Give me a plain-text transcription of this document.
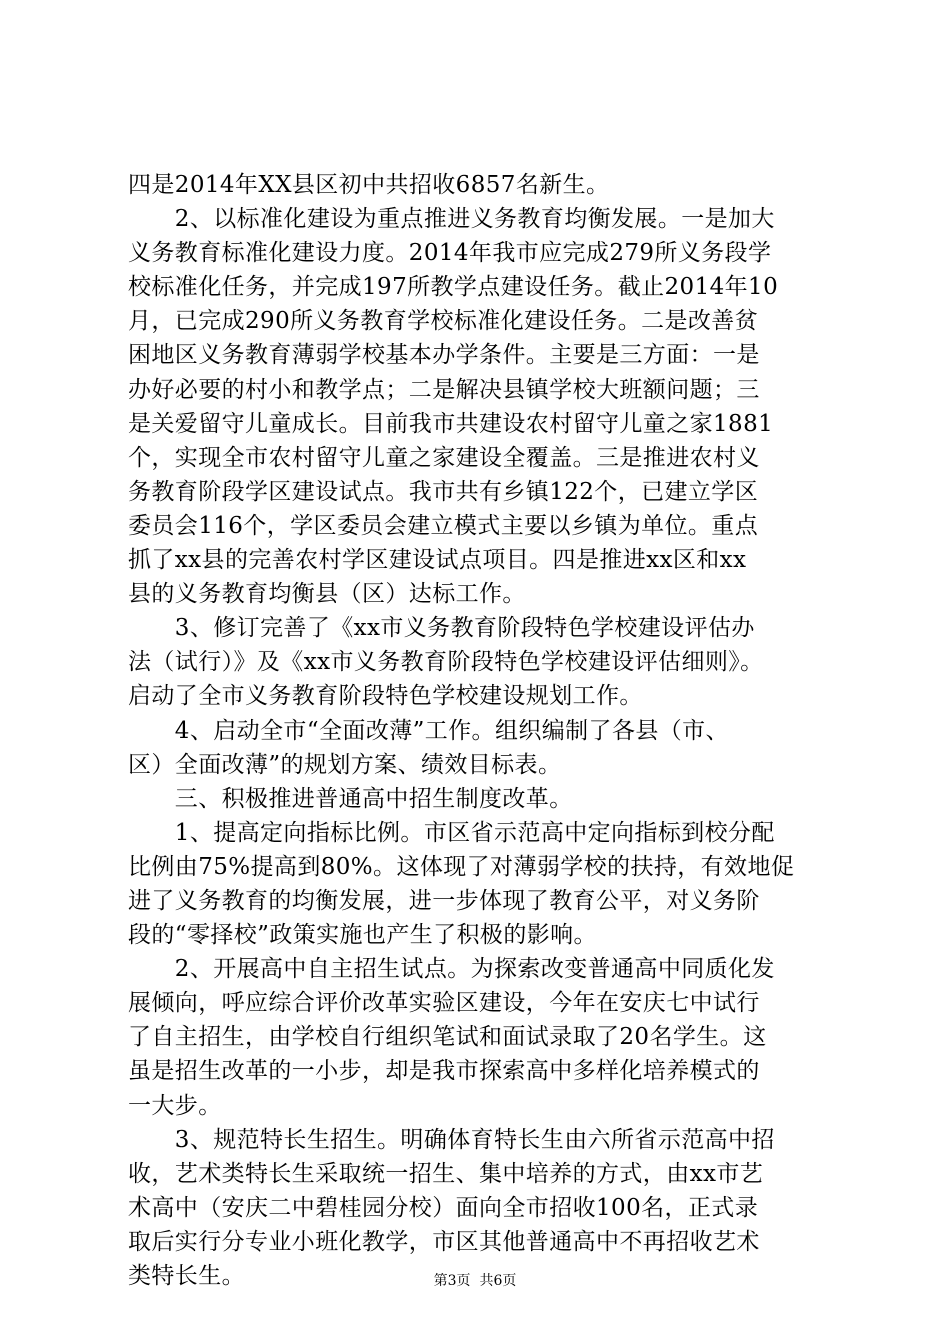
四是2014年XX县区初中共招收6857名新生。
　　2、以标准化建设为重点推进义务教育均衡发展。一是加大
义务教育标准化建设力度。2014年我市应完成279所义务段学
校标准化任务，并完成197所教学点建设任务。截止2014年10
月，已完成290所义务教育学校标准化建设任务。二是改善贫
困地区义务教育薄弱学校基本办学条件。主要是三方面：一是
办好必要的村小和教学点；二是解决县镇学校大班额问题；三
是关爱留守儿童成长。目前我市共建设农村留守儿童之家1881
个，实现全市农村留守儿童之家建设全覆盖。三是推进农村义
务教育阶段学区建设试点。我市共有乡镇122个，已建立学区
委员会116个，学区委员会建立模式主要以乡镇为单位。重点
抓了xx县的完善农村学区建设试点项目。四是推进xx区和xx
县的义务教育均衡县（区）达标工作。
　　3、修订完善了《xx市义务教育阶段特色学校建设评估办
法（试行）》及《xx市义务教育阶段特色学校建设评估细则》。
启动了全市义务教育阶段特色学校建设规划工作。
　　4、启动全市“全面改薄”工作。组织编制了各县（市、
区）全面改薄”的规划方案、绩效目标表。
　　三、积极推进普通高中招生制度改革。
　　1、提高定向指标比例。市区省示范高中定向指标到校分配
比例由75%提高到80%。这体现了对薄弱学校的扶持，有效地促
进了义务教育的均衡发展，进一步体现了教育公平，对义务阶
段的“零择校”政策实施也产生了积极的影响。
　　2、开展高中自主招生试点。为探索改变普通高中同质化发
展倾向，呼应综合评价改革实验区建设，今年在安庆七中试行
了自主招生，由学校自行组织笔试和面试录取了20名学生。这
虽是招生改革的一小步，却是我市探索高中多样化培养模式的
一大步。
　　3、规范特长生招生。明确体育特长生由六所省示范高中招
收，艺术类特长生采取统一招生、集中培养的方式，由xx市艺
术高中（安庆二中碧桂园分校）面向全市招收100名，正式录
取后实行分专业小班化教学，市区其他普通高中不再招收艺术
类特长生。	第3页  共6页
